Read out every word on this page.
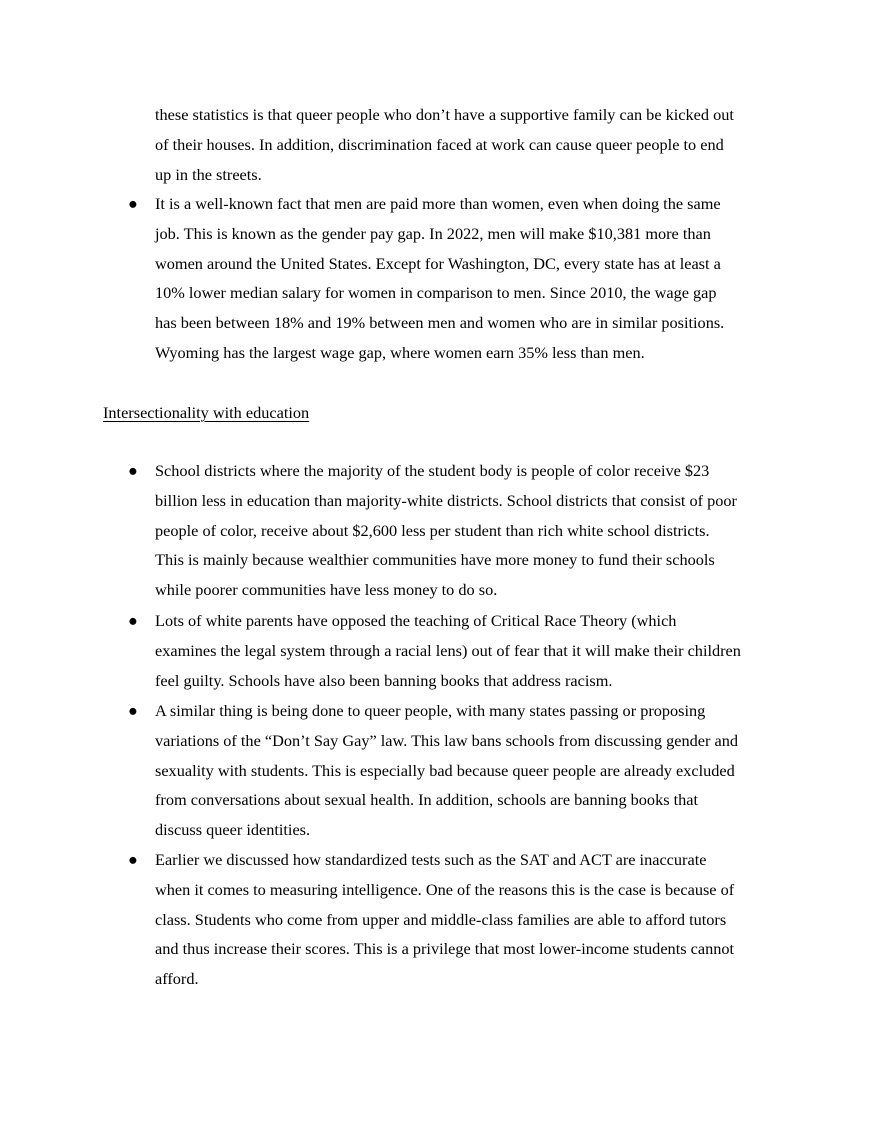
these statistics is that queer people who don’t have a supportive family can be kicked out
of their houses. In addition, discrimination faced at work can cause queer people to end
up in the streets.
● It is a well-known fact that men are paid more than women, even when doing the same
job. This is known as the gender pay gap. In 2022, men will make $10,381 more than
women around the United States. Except for Washington, DC, every state has at least a
10% lower median salary for women in comparison to men. Since 2010, the wage gap
has been between 18% and 19% between men and women who are in similar positions.
Wyoming has the largest wage gap, where women earn 35% less than men.
Intersectionality with education
● School districts where the majority of the student body is people of color receive $23
billion less in education than majority-white districts. School districts that consist of poor
people of color, receive about $2,600 less per student than rich white school districts.
This is mainly because wealthier communities have more money to fund their schools
while poorer communities have less money to do so.
● Lots of white parents have opposed the teaching of Critical Race Theory (which
examines the legal system through a racial lens) out of fear that it will make their children
feel guilty. Schools have also been banning books that address racism.
● A similar thing is being done to queer people, with many states passing or proposing
variations of the “Don’t Say Gay” law. This law bans schools from discussing gender and
sexuality with students. This is especially bad because queer people are already excluded
from conversations about sexual health. In addition, schools are banning books that
discuss queer identities.
● Earlier we discussed how standardized tests such as the SAT and ACT are inaccurate
when it comes to measuring intelligence. One of the reasons this is the case is because of
class. Students who come from upper and middle-class families are able to afford tutors
and thus increase their scores. This is a privilege that most lower-income students cannot
afford.
